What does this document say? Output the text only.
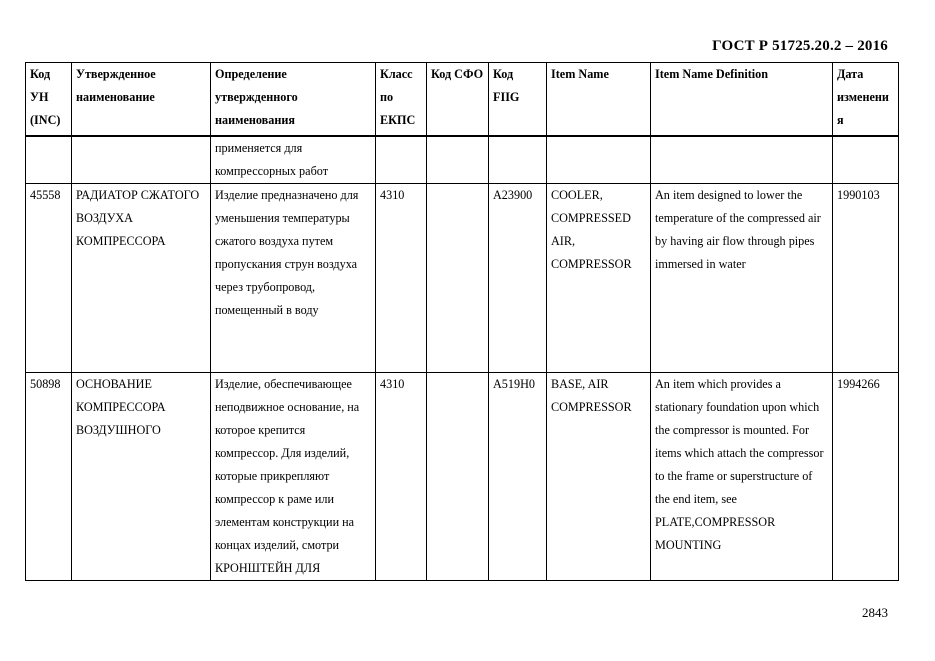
ГОСТ Р 51725.20.2 – 2016
Код УН (INC)	Утвержденное наименование	Определение утвержденного наименования	Класс по ЕКПС	Код СФО	Код FIIG	Item Name	Item Name Definition	Дата изменения
		применяется для компрессорных работ						
45558	РАДИАТОР СЖАТОГО ВОЗДУХА КОМПРЕССОРА	Изделие предназначено для уменьшения температуры сжатого воздуха путем пропускания струн воздуха через трубопровод, помещенный в воду	4310		A23900	COOLER, COMPRESSED AIR, COMPRESSOR	An item designed to lower the temperature of the compressed air by having air flow through pipes immersed in water	1990103
50898	ОСНОВАНИЕ КОМПРЕССОРА ВОЗДУШНОГО	Изделие, обеспечивающее неподвижное основание, на которое крепится компрессор. Для изделий, которые прикрепляют компрессор к раме или элементам конструкции на концах изделий, смотри КРОНШТЕЙН ДЛЯ	4310		A519H0	BASE, AIR COMPRESSOR	An item which provides a stationary foundation upon which the compressor is mounted. For items which attach the compressor to the frame or superstructure of the end item, see PLATE,COMPRESSOR MOUNTING	1994266
2843
